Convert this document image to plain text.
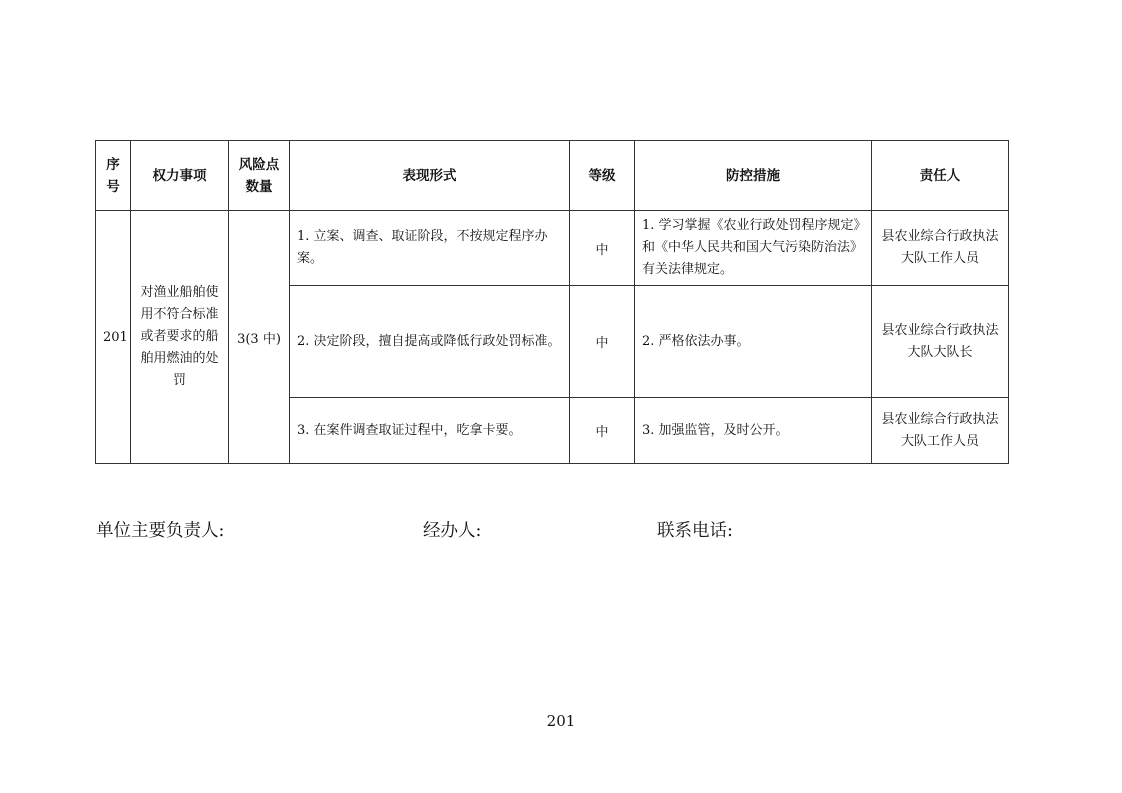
序号	权力事项	风险点数量	表现形式	等级	防控措施	责任人
201	对渔业船舶使用不符合标准或者要求的船舶用燃油的处罚	3(3 中)	1. 立案、调查、取证阶段，不按规定程序办案。	中	1. 学习掌握《农业行政处罚程序规定》和《中华人民共和国大气污染防治法》有关法律规定。	县农业综合行政执法大队工作人员
			2. 决定阶段，擅自提高或降低行政处罚标准。	中	2. 严格依法办事。	县农业综合行政执法大队大队长
			3. 在案件调查取证过程中，吃拿卡要。	中	3. 加强监管，及时公开。	县农业综合行政执法大队工作人员
单位主要负责人:	经办人:	联系电话:
201
